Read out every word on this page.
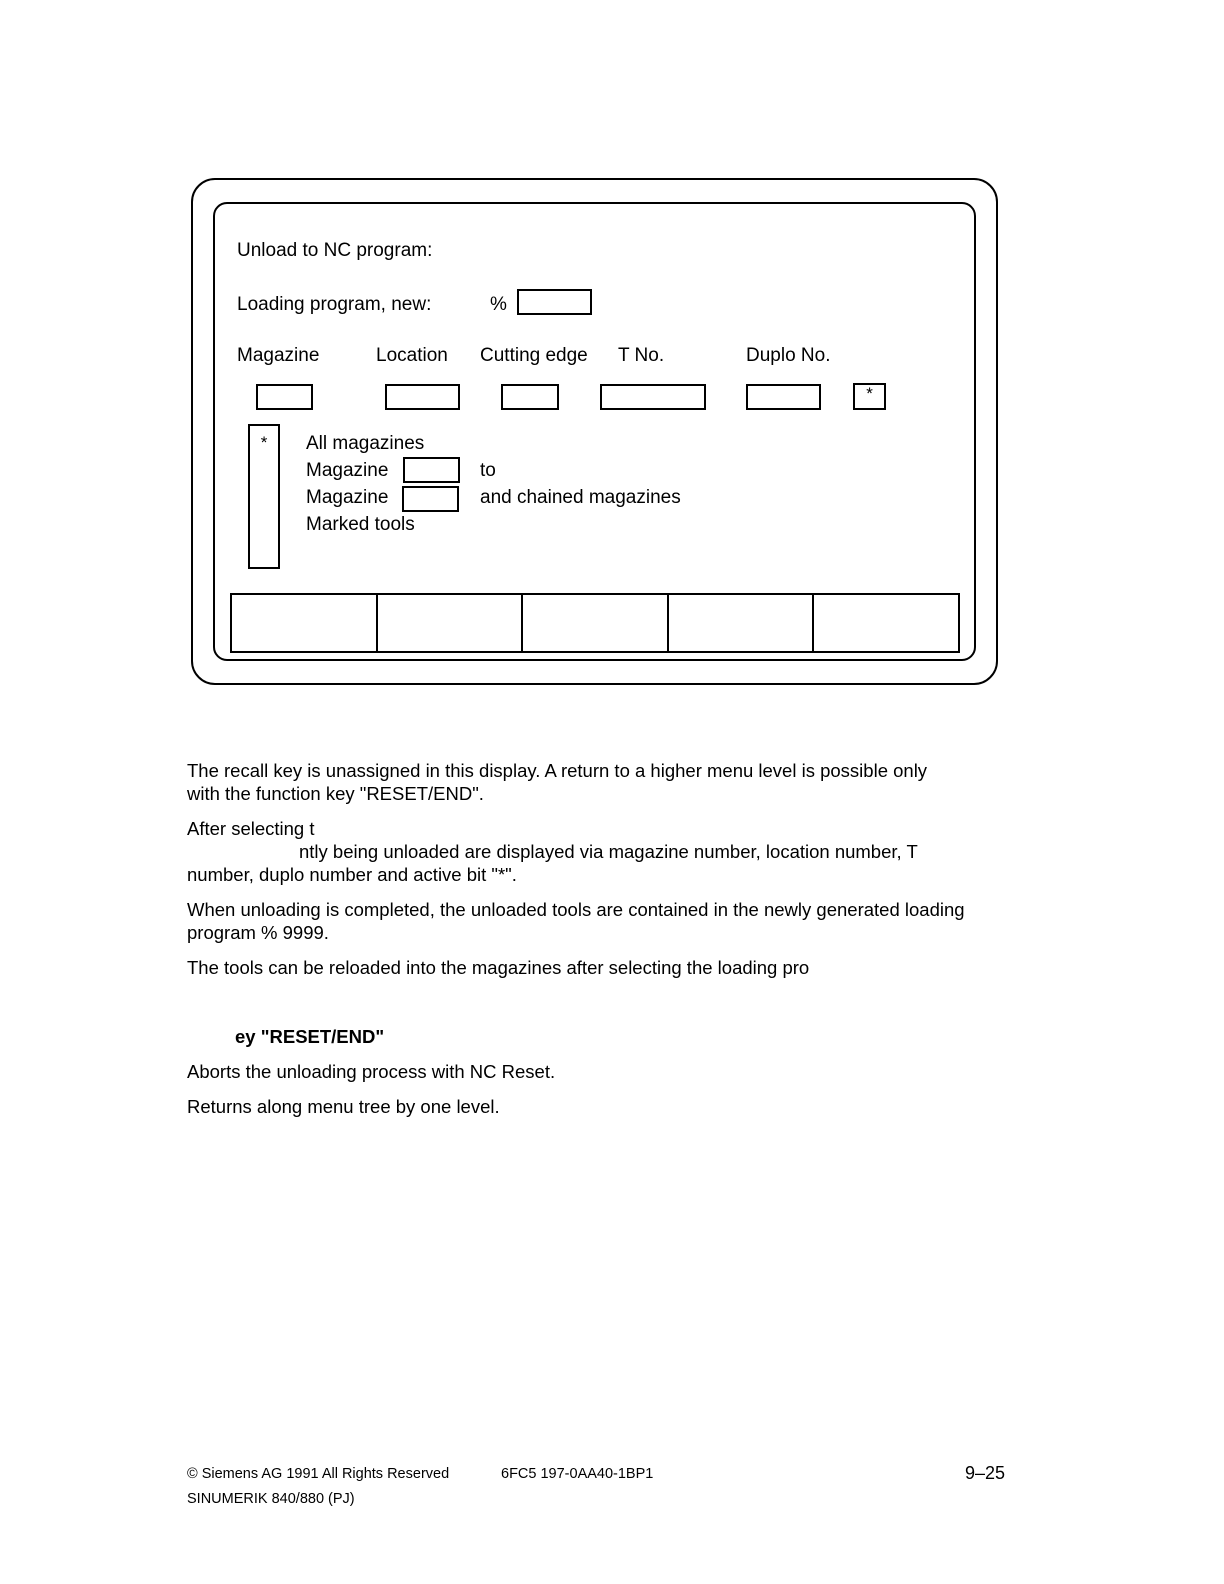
Unload to NC program:
Loading program, new:	%
Magazine	Location Cutting edge T No.	Duplo No.
*
*	All magazines
Magazine	to
Magazine	and chained magazines
Marked tools
The recall key is unassigned in this display. A return to a higher menu level is possible only
with the function key "RESET/END".
After selecting t
ntly being unloaded are displayed via magazine number, location number, T
number, duplo number and active bit "*".
When unloading is completed, the unloaded tools are contained in the newly generated loading
program % 9999.
The tools can be reloaded into the magazines after selecting the loading pro
ey "RESET/END"
Aborts the unloading process with NC Reset.
Returns along menu tree by one level.
© Siemens AG 1991 All Rights Reserved	6FC5 197-0AA40-1BP1	9–25
SINUMERIK 840/880 (PJ)
